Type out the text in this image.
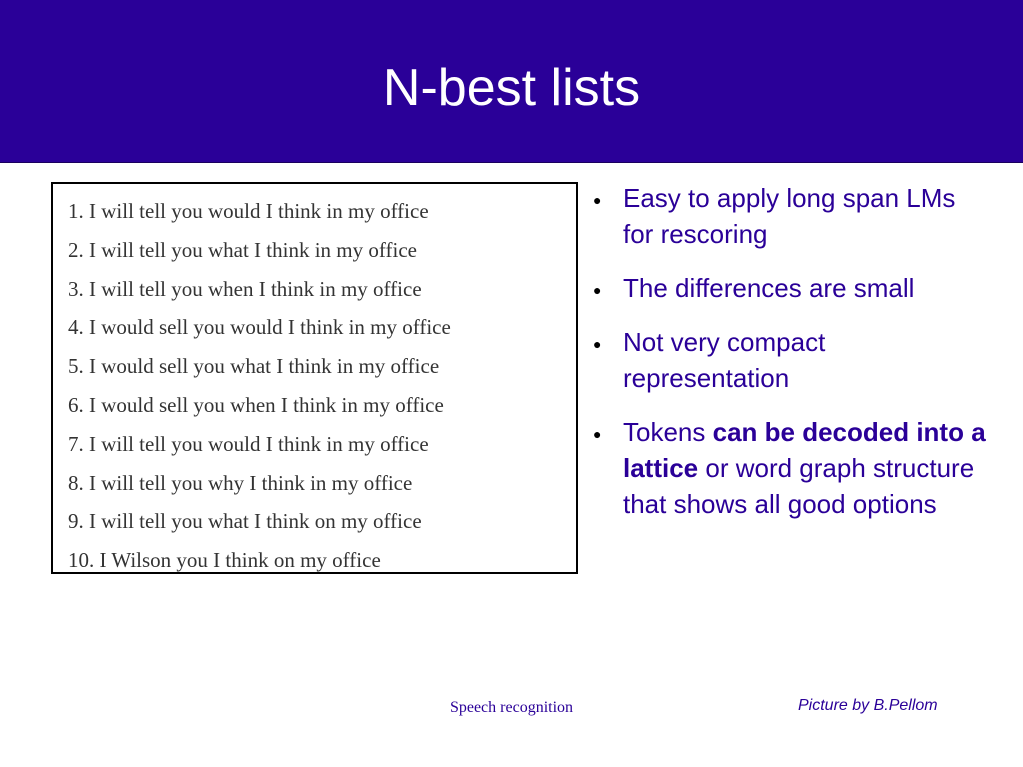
N-best lists
1. I will tell you would I think in my office
2. I will tell you what I think in my office
3. I will tell you when I think in my office
4. I would sell you would I think in my office
5. I would sell you what I think in my office
6. I would sell you when I think in my office
7. I will tell you would I think in my office
8. I will tell you why I think in my office
9. I will tell you what I think on my office
10. I Wilson you I think on my office
● Easy to apply long span LMs for rescoring
● The differences are small
● Not very compact representation
● Tokens can be decoded into a lattice or word graph structure that shows all good options
Speech recognition	Picture by B.Pellom
